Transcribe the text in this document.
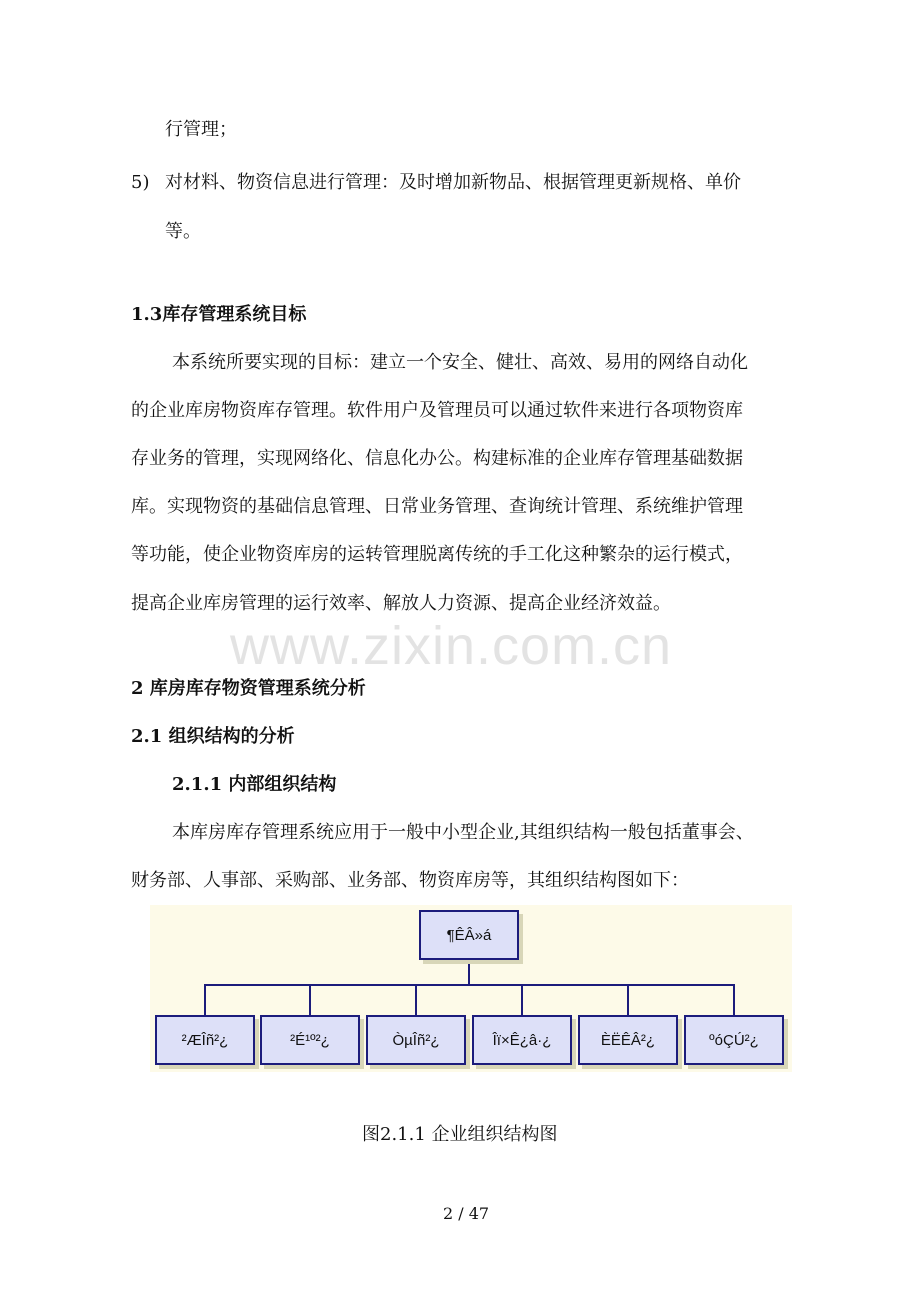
行管理；
5) 对材料、物资信息进行管理：及时增加新物品、根据管理更新规格、单价
等。
1.3库存管理系统目标
本系统所要实现的目标：建立一个安全、健壮、高效、易用的网络自动化
的企业库房物资库存管理。软件用户及管理员可以通过软件来进行各项物资库
存业务的管理，实现网络化、信息化办公。构建标准的企业库存管理基础数据
库。实现物资的基础信息管理、日常业务管理、查询统计管理、系统维护管理
等功能，使企业物资库房的运转管理脱离传统的手工化这种繁杂的运行模式，
提高企业库房管理的运行效率、解放人力资源、提高企业经济效益。
www.zixin.com.cn
2 库房库存物资管理系统分析
2.1 组织结构的分析
2.1.1 内部组织结构
本库房库存管理系统应用于一般中小型企业,其组织结构一般包括董事会、
财务部、人事部、采购部、业务部、物资库房等，其组织结构图如下：
¶ÊÂ»á
²ÆÎñ²¿	²É¹º²¿	ÒµÎñ²¿	Îï×Ê¿â·¿	ÈËÊÂ²¿	ºóÇÚ²¿
图2.1.1 企业组织结构图
2 / 47
